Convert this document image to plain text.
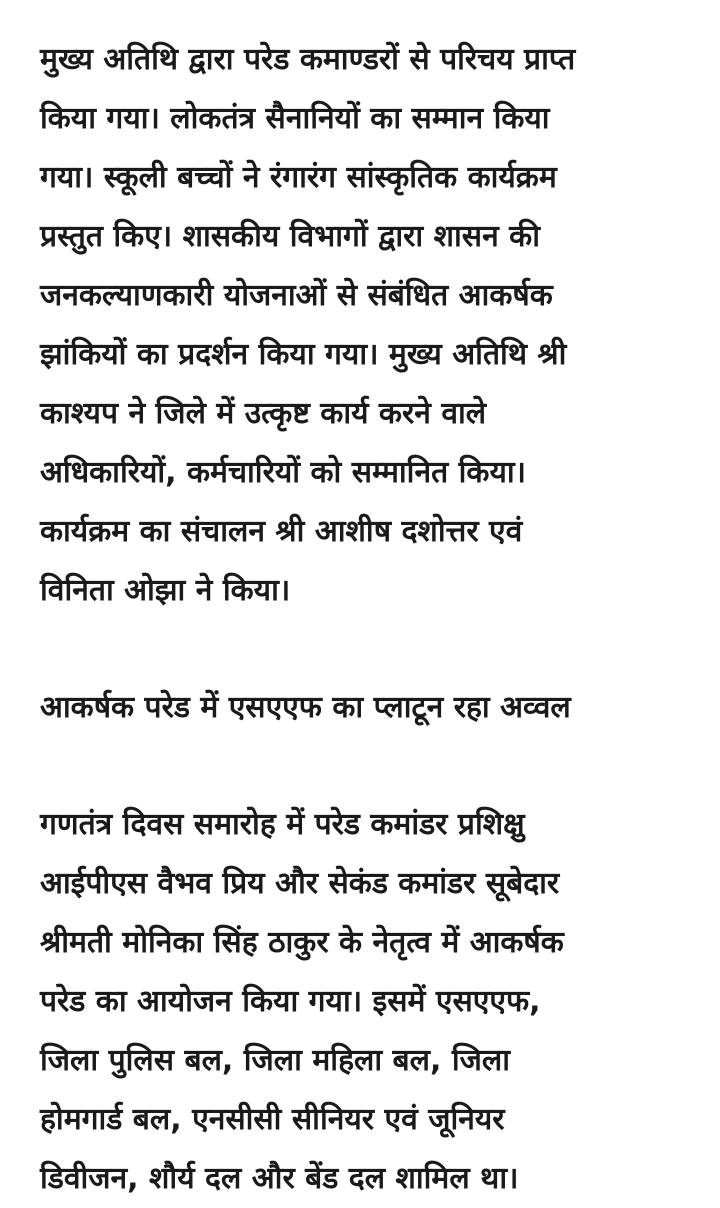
मुख्य अतिथि द्वारा परेड कमाण्डरों से परिचय प्राप्त
किया गया। लोकतंत्र सैनानियों का सम्मान किया
गया। स्कूली बच्चों ने रंगारंग सांस्कृतिक कार्यक्रम
प्रस्तुत किए। शासकीय विभागों द्वारा शासन की
जनकल्याणकारी योजनाओं से संबंधित आकर्षक
झांकियों का प्रदर्शन किया गया। मुख्य अतिथि श्री
काश्यप ने जिले में उत्कृष्ट कार्य करने वाले
अधिकारियों, कर्मचारियों को सम्मानित किया।
कार्यक्रम का संचालन श्री आशीष दशोत्तर एवं
विनिता ओझा ने किया।

आकर्षक परेड में एसएएफ का प्लाटून रहा अव्वल

गणतंत्र दिवस समारोह में परेड कमांडर प्रशिक्षु
आईपीएस वैभव प्रिय और सेकंड कमांडर सूबेदार
श्रीमती मोनिका सिंह ठाकुर के नेतृत्व में आकर्षक
परेड का आयोजन किया गया। इसमें एसएएफ,
जिला पुलिस बल, जिला महिला बल, जिला
होमगार्ड बल, एनसीसी सीनियर एवं जूनियर
डिवीजन, शौर्य दल और बेंड दल शामिल था।
